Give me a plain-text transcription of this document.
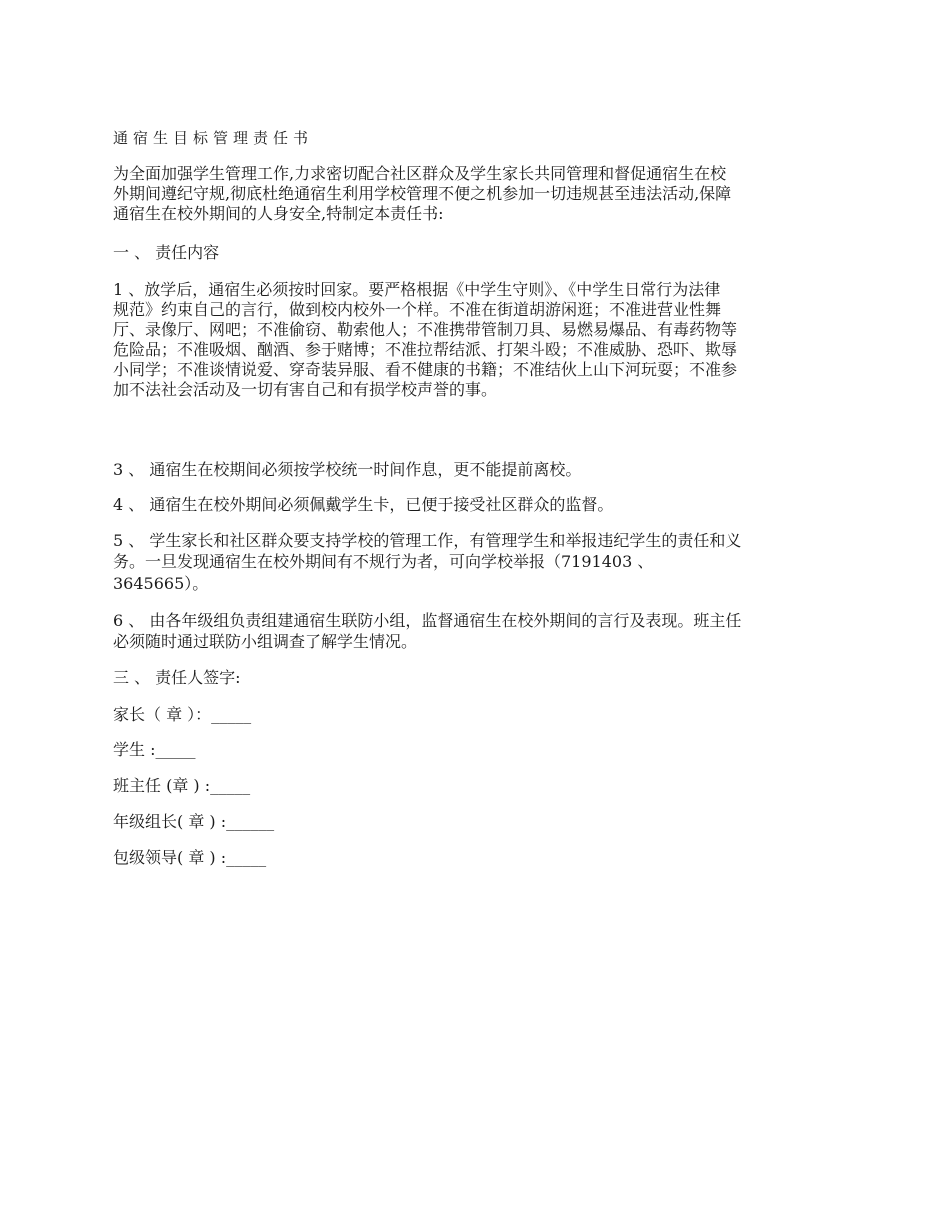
通宿生目标管理责任书
为全面加强学生管理工作,力求密切配合社区群众及学生家长共同管理和督促通宿生在校
外期间遵纪守规,彻底杜绝通宿生利用学校管理不便之机参加一切违规甚至违法活动,保障
通宿生在校外期间的人身安全,特制定本责任书:
一 、 责任内容
1 、放学后，通宿生必须按时回家。要严格根据《中学生守则》、《中学生日常行为法律
规范》约束自己的言行，做到校内校外一个样。不准在街道胡游闲逛；不准进营业性舞
厅、录像厅、网吧；不准偷窃、勒索他人；不准携带管制刀具、易燃易爆品、有毒药物等
危险品；不准吸烟、酗酒、参于赌博；不准拉帮结派、打架斗殴；不准威胁、恐吓、欺辱
小同学；不准谈情说爱、穿奇装异服、看不健康的书籍；不准结伙上山下河玩耍；不准参
加不法社会活动及一切有害自己和有损学校声誉的事。
3 、 通宿生在校期间必须按学校统一时间作息，更不能提前离校。
4 、 通宿生在校外期间必须佩戴学生卡，已便于接受社区群众的监督。
5 、 学生家长和社区群众要支持学校的管理工作，有管理学生和举报违纪学生的责任和义
务。一旦发现通宿生在校外期间有不规行为者，可向学校举报（7191403 、
3645665）。
6 、 由各年级组负责组建通宿生联防小组，监督通宿生在校外期间的言行及表现。班主任
必须随时通过联防小组调查了解学生情况。
三 、 责任人签字:
家长（ 章 ）：_____
学生 :_____
班主任 (章 ) :_____
年级组长( 章 ) :______
包级领导( 章 ) :_____
